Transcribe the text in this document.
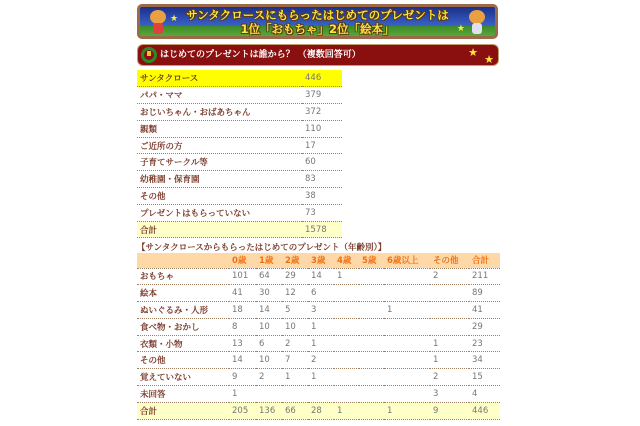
★
★
サンタクロースにもらったはじめてのプレゼントは
1位「おもちゃ」2位「絵本」
はじめてのプレゼントは誰から？ （複数回答可）	★
★
サンタクロース	446
パパ・ママ	379
おじいちゃん・おばあちゃん	372
親類	110
ご近所の方	17
子育てサークル等	60
幼稚園・保育園	83
その他	38
プレゼントはもらっていない	73
合計	1578
【サンタクロースからもらったはじめてのプレゼント（年齢別）】
	0歳	1歳	2歳	3歳	4歳	5歳	6歳以上	その他	合計
おもちゃ	101	64	29	14	1			2	211
絵本	41	30	12	6					89
ぬいぐるみ・人形	18	14	5	3			1		41
食べ物・おかし	8	10	10	1					29
衣類・小物	13	6	2	1				1	23
その他	14	10	7	2				1	34
覚えていない	9	2	1	1				2	15
未回答	1							3	4
合計	205	136	66	28	1		1	9	446
